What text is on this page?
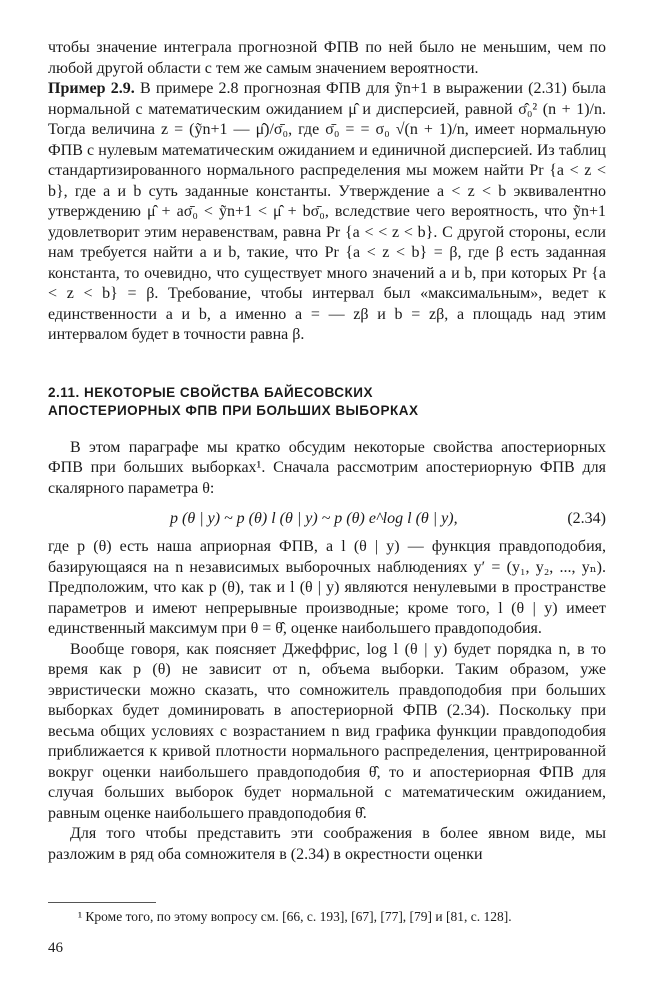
чтобы значение интеграла прогнозной ФПВ по ней было не меньшим, чем по любой другой области с тем же самым значением вероятности.

Пример 2.9. В примере 2.8 прогнозная ФПВ для ỹn+1 в выражении (2.31) была нормальной с математическим ожиданием μ̂ и дисперсией, равной σ̂₀² (n + 1)/n. Тогда величина z = (ỹn+1 — μ̂)/σ̄₀, где σ̄₀ = = σ₀ √(n + 1)/n, имеет нормальную ФПВ с нулевым математическим ожиданием и единичной дисперсией. Из таблиц стандартизированного нормального распределения мы можем найти Pr {a < z < b}, где a и b суть заданные константы. Утверждение a < z < b эквивалентно утверждению μ̂ + aσ̄₀ < ỹn+1 < μ̂ + bσ̄₀, вследствие чего вероятность, что ỹn+1 удовлетворит этим неравенствам, равна Pr {a < < z < b}. С другой стороны, если нам требуется найти a и b, такие, что Pr {a < z < b} = β, где β есть заданная константа, то очевидно, что существует много значений a и b, при которых Pr {a < z < b} = β. Требование, чтобы интервал был «максимальным», ведет к единственности a и b, а именно a = — zβ и b = zβ, а площадь над этим интервалом будет в точности равна β.

2.11. НЕКОТОРЫЕ СВОЙСТВА БАЙЕСОВСКИХ
АПОСТЕРИОРНЫХ ФПВ ПРИ БОЛЬШИХ ВЫБОРКАХ

В этом параграфе мы кратко обсудим некоторые свойства апостериорных ФПВ при больших выборках¹. Сначала рассмотрим апостериорную ФПВ для скалярного параметра θ:

p (θ | y) ~ p (θ) l (θ | y) ~ p (θ) e^log l (θ | y),	(2.34)

где p (θ) есть наша априорная ФПВ, а l (θ | y) — функция правдоподобия, базирующаяся на n независимых выборочных наблюдениях y′ = (y₁, y₂, ..., yₙ). Предположим, что как p (θ), так и l (θ | y) являются ненулевыми в пространстве параметров и имеют непрерывные производные; кроме того, l (θ | y) имеет единственный максимум при θ = θ̂, оценке наибольшего правдоподобия.

Вообще говоря, как поясняет Джеффрис, log l (θ | y) будет порядка n, в то время как p (θ) не зависит от n, объема выборки. Таким образом, уже эвристически можно сказать, что сомножитель правдоподобия при больших выборках будет доминировать в апостериорной ФПВ (2.34). Поскольку при весьма общих условиях с возрастанием n вид графика функции правдоподобия приближается к кривой плотности нормального распределения, центрированной вокруг оценки наибольшего правдоподобия θ̂, то и апостериорная ФПВ для случая больших выборок будет нормальной с математическим ожиданием, равным оценке наибольшего правдоподобия θ̂.

Для того чтобы представить эти соображения в более явном виде, мы разложим в ряд оба сомножителя в (2.34) в окрестности оценки

¹ Кроме того, по этому вопросу см. [66, с. 193], [67], [77], [79] и [81, с. 128].
46
